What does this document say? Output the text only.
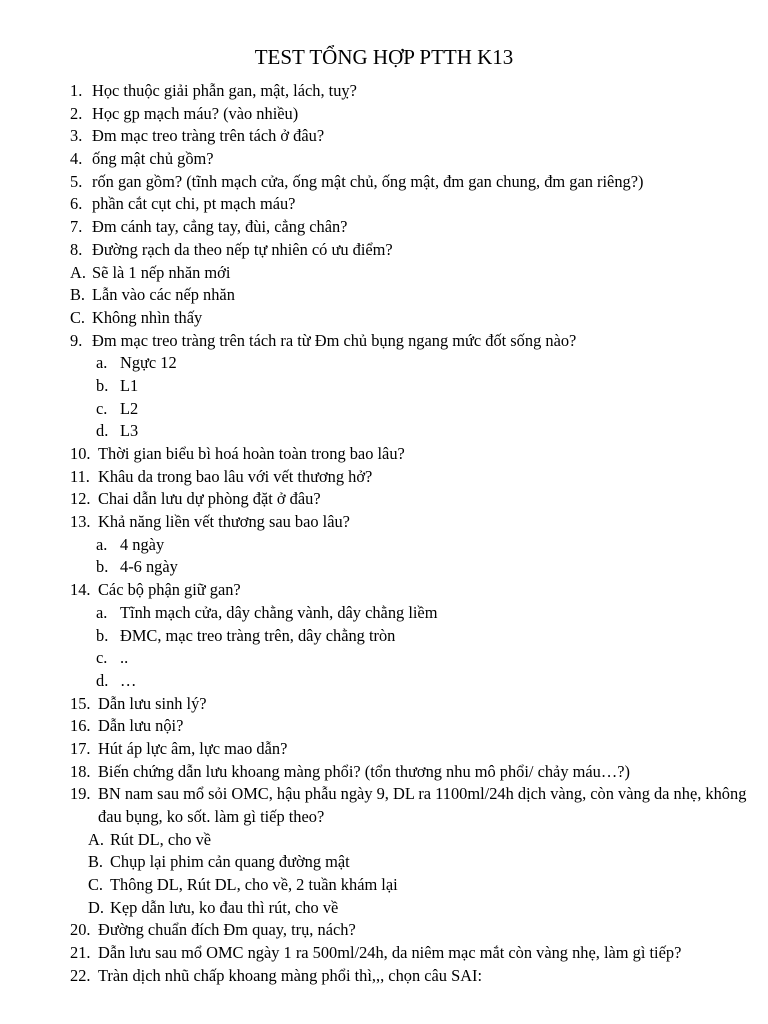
TEST TỔNG HỢP PTTH K13
1. Học thuộc giải phẫn gan, mật, lách, tuỵ?
2. Học gp mạch máu? (vào nhiều)
3. Đm mạc treo tràng trên tách ở đâu?
4. ống mật chủ gồm?
5. rốn gan gồm? (tĩnh mạch cửa, ống mật chủ, ống mật, đm gan chung, đm gan riêng?)
6. phần cắt cụt chi, pt mạch máu?
7. Đm cánh tay, cẳng tay, đùi, cẳng chân?
8. Đường rạch da theo nếp tự nhiên có ưu điểm?
A. Sẽ là 1 nếp nhăn mới
B. Lẫn vào các nếp nhăn
C. Không nhìn thấy
9. Đm mạc treo tràng trên tách ra từ Đm chủ bụng ngang mức đốt sống nào?
a. Ngực 12
b. L1
c. L2
d. L3
10. Thời gian biểu bì hoá hoàn toàn trong bao lâu?
11. Khâu da trong bao lâu với vết thương hở?
12. Chai dẫn lưu dự phòng đặt ở đâu?
13. Khả năng liền vết thương sau bao lâu?
a. 4 ngày
b. 4-6 ngày
14. Các bộ phận giữ gan?
a. Tĩnh mạch cửa, dây chằng vành, dây chằng liềm
b. ĐMC, mạc treo tràng trên, dây chằng tròn
c. ..
d. …
15. Dẫn lưu sinh lý?
16. Dẫn lưu nội?
17. Hút áp lực âm, lực mao dẫn?
18. Biến chứng dẫn lưu khoang màng phổi? (tổn thương nhu mô phổi/ chảy máu…?)
19. BN nam sau mổ sỏi OMC, hậu phẫu ngày 9, DL ra 1100ml/24h dịch vàng, còn vàng da nhẹ, không đau bụng, ko sốt. làm gì tiếp theo?
A. Rút DL, cho về
B. Chụp lại phim cản quang đường mật
C. Thông DL, Rút DL, cho về, 2 tuần khám lại
D. Kẹp dẫn lưu, ko đau thì rút, cho về
20. Đường chuẩn đích Đm quay, trụ, nách?
21. Dẫn lưu sau mổ OMC ngày 1 ra 500ml/24h, da niêm mạc mắt còn vàng nhẹ, làm gì tiếp?
22. Tràn dịch nhũ chấp khoang màng phổi thì,,, chọn câu SAI:
